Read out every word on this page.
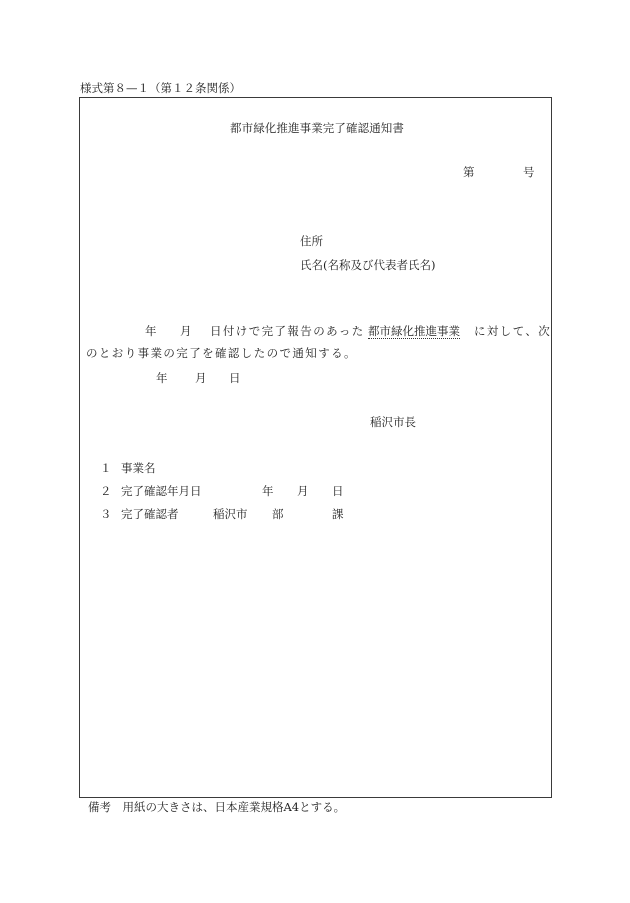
様式第８—１（第１２条関係）
都市緑化推進事業完了確認通知書
第	号
住所
氏名(名称及び代表者氏名)
年 月 日付けで完了報告のあった 都市緑化推進事業 に対して、次
のとおり事業の完了を確認したので通知する。
年 月 日
稲沢市長
１ 事業名
２ 完了確認年月日	年 月 日
３ 完了確認者	稲沢市 部	課
備考　用紙の大きさは、日本産業規格A4とする。
